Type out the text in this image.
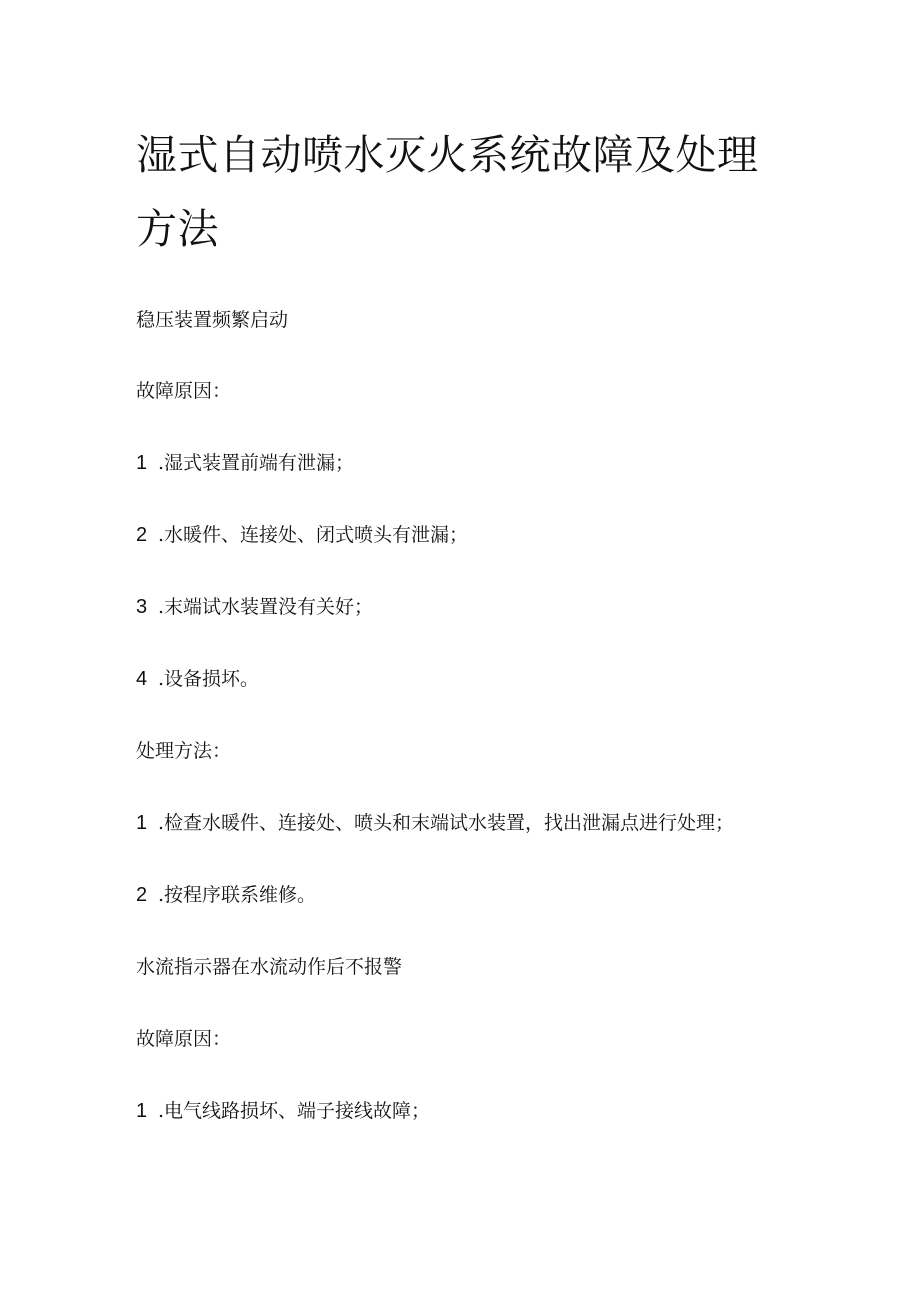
湿式自动喷水灭火系统故障及处理方法

稳压装置频繁启动

故障原因：

1 .湿式装置前端有泄漏；

2 .水暖件、连接处、闭式喷头有泄漏；

3 .末端试水装置没有关好；

4 .设备损坏。

处理方法：

1 .检查水暖件、连接处、喷头和末端试水装置，找出泄漏点进行处理；

2 .按程序联系维修。

水流指示器在水流动作后不报警

故障原因：

1 .电气线路损坏、端子接线故障；
